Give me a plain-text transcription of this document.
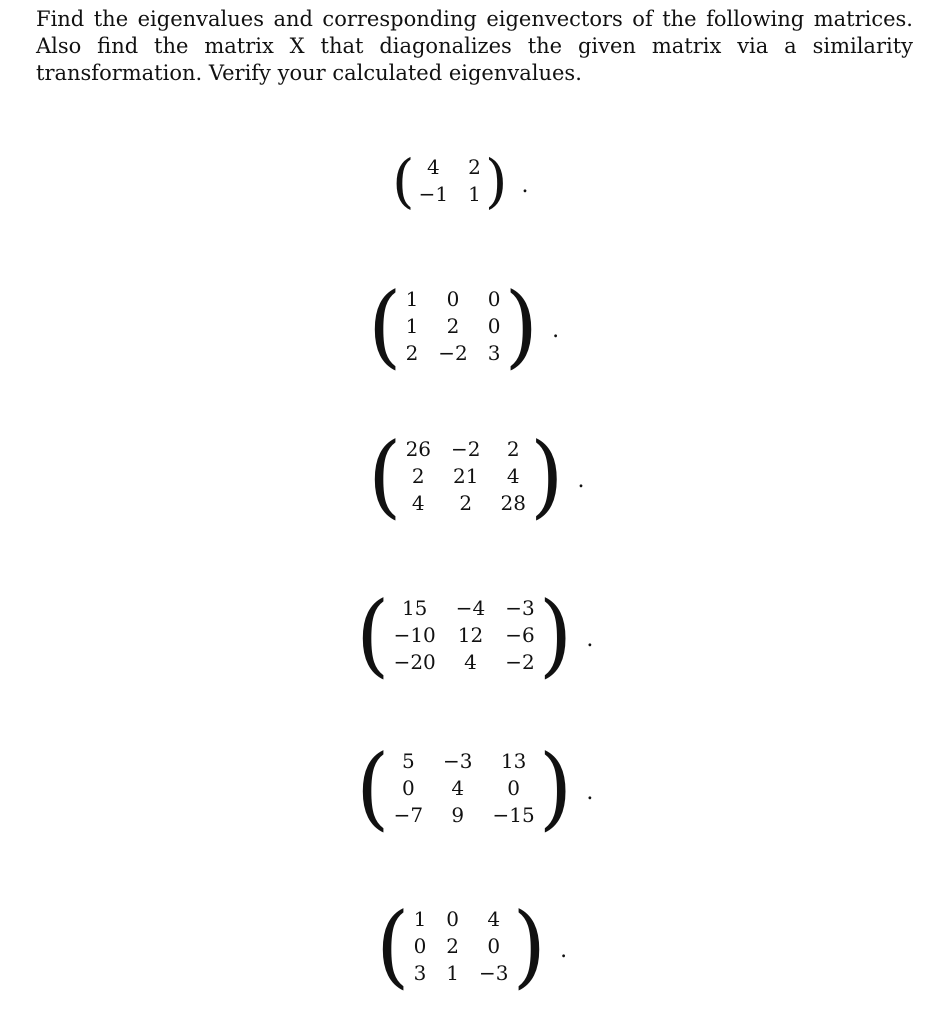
Find the eigenvalues and corresponding eigenvectors of the following matrices. Also find the matrix X that diagonalizes the given matrix via a similarity transformation. Verify your calculated eigenvalues.

( 4	2
−1 1 ) .
( 1	0	0
1	2	0
2 −2 3 ) .
( 26 −2	2
2	21	4
4	2	28 ) .
( 15	−4 −3
−10 12 −6
−20	4	−2 ) .
( 5	−3	13
0	4	0
−7	9	−15 ) .
( 1 0	4
0 2	0
3 1 −3 ) .
